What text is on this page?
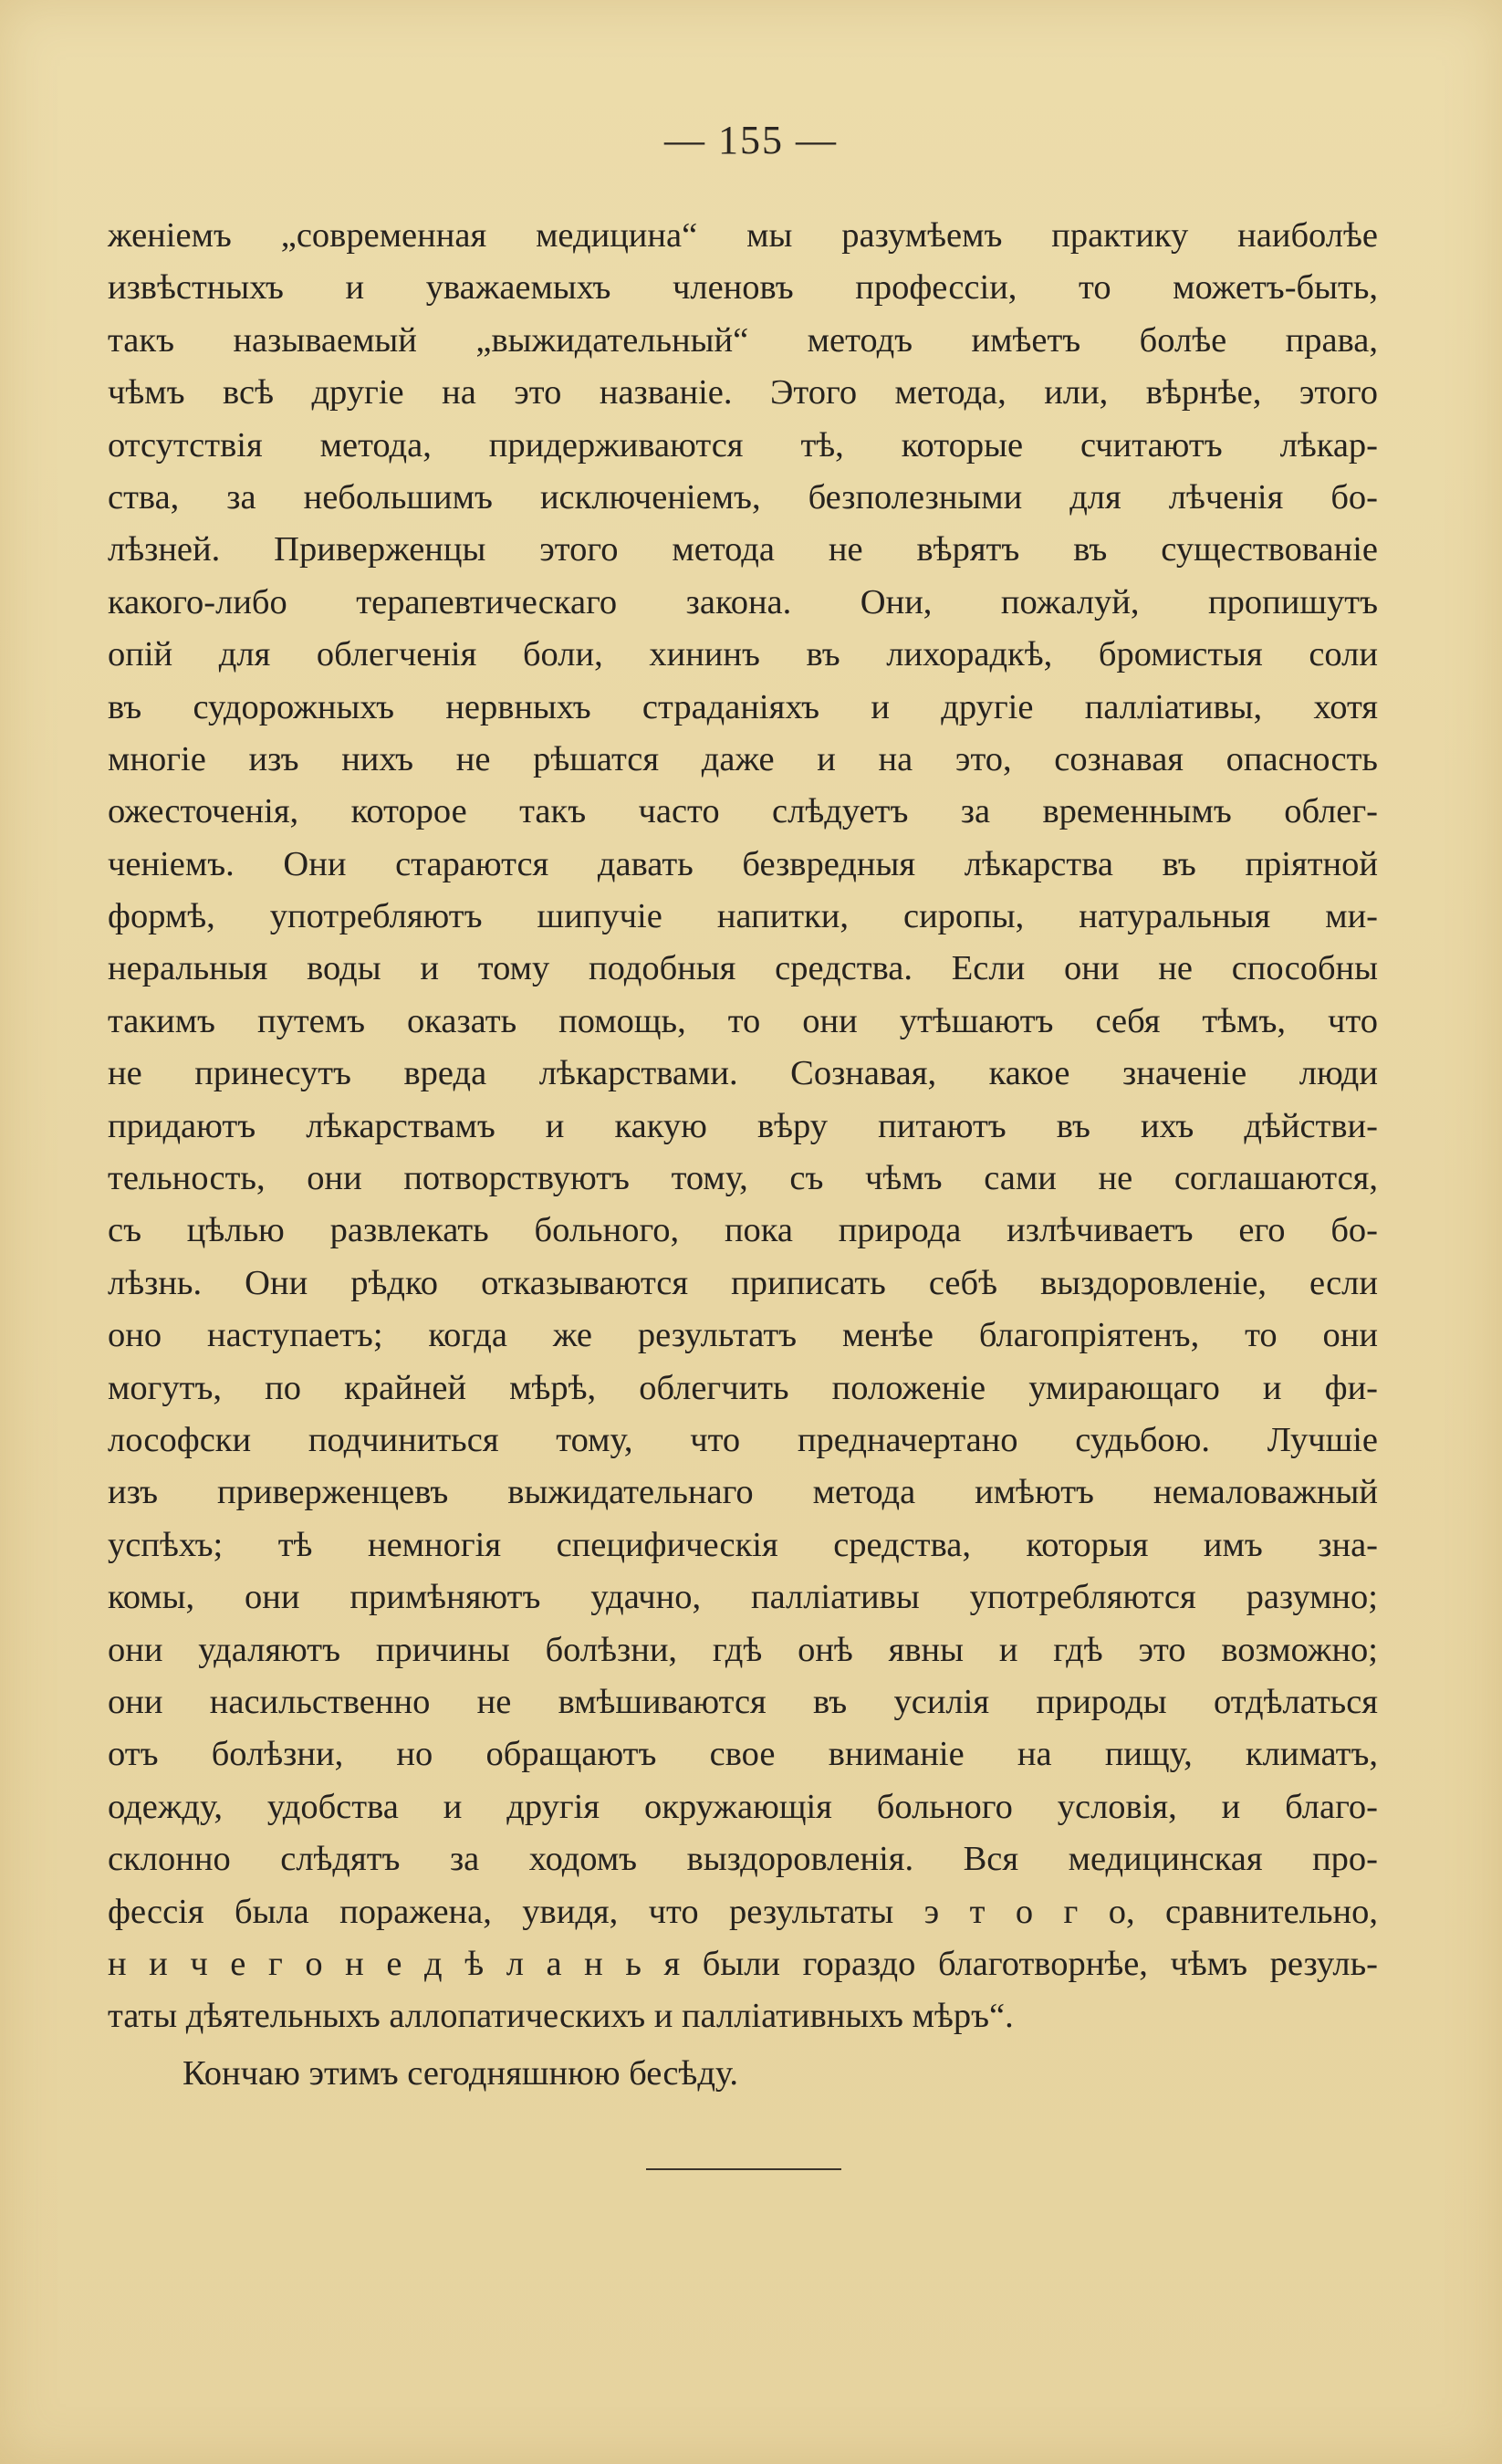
— 155 —
женіемъ „современная медицина“ мы разумѣемъ практику наиболѣе
извѣстныхъ и уважаемыхъ членовъ профессіи, то можетъ-быть,
такъ называемый „выжидательный“ методъ имѣетъ болѣе права,
чѣмъ всѣ другіе на это названіе. Этого метода, или, вѣрнѣе, этого
отсутствія метода, придерживаются тѣ, которые считаютъ лѣкар-
ства, за небольшимъ исключеніемъ, безполезными для лѣченія бо-
лѣзней. Приверженцы этого метода не вѣрятъ въ существованіе
какого-либо терапевтическаго закона. Они, пожалуй, пропишутъ
опій для облегченія боли, хининъ въ лихорадкѣ, бромистыя соли
въ судорожныхъ нервныхъ страданіяхъ и другіе палліативы, хотя
многіе изъ нихъ не рѣшатся даже и на это, сознавая опасность
ожесточенія, которое такъ часто слѣдуетъ за временнымъ облег-
ченіемъ. Они стараются давать безвредныя лѣкарства въ пріятной
формѣ, употребляютъ шипучіе напитки, сиропы, натуральныя ми-
неральныя воды и тому подобныя средства. Если они не способны
такимъ путемъ оказать помощь, то они утѣшаютъ себя тѣмъ, что
не принесутъ вреда лѣкарствами. Сознавая, какое значеніе люди
придаютъ лѣкарствамъ и какую вѣру питаютъ въ ихъ дѣйстви-
тельность, они потворствуютъ тому, съ чѣмъ сами не соглашаются,
съ цѣлью развлекать больного, пока природа излѣчиваетъ его бо-
лѣзнь. Они рѣдко отказываются приписать себѣ выздоровленіе, если
оно наступаетъ; когда же результатъ менѣе благопріятенъ, то они
могутъ, по крайней мѣрѣ, облегчить положеніе умирающаго и фи-
лософски подчиниться тому, что предначертано судьбою. Лучшіе
изъ приверженцевъ выжидательнаго метода имѣютъ немаловажный
успѣхъ; тѣ немногія специфическія средства, которыя имъ зна-
комы, они примѣняютъ удачно, палліативы употребляются разумно;
они удаляютъ причины болѣзни, гдѣ онѣ явны и гдѣ это возможно;
они насильственно не вмѣшиваются въ усилія природы отдѣлаться
отъ болѣзни, но обращаютъ свое вниманіе на пищу, климатъ,
одежду, удобства и другія окружающія больного условія, и благо-
склонно слѣдятъ за ходомъ выздоровленія. Вся медицинская про-
фессія была поражена, увидя, что результаты э т о г о, сравнительно,
н и ч е г о н е д ѣ л а н ь я были гораздо благотворнѣе, чѣмъ резуль-
таты дѣятельныхъ аллопатическихъ и палліативныхъ мѣръ“.
Кончаю этимъ сегодняшнюю бесѣду.
